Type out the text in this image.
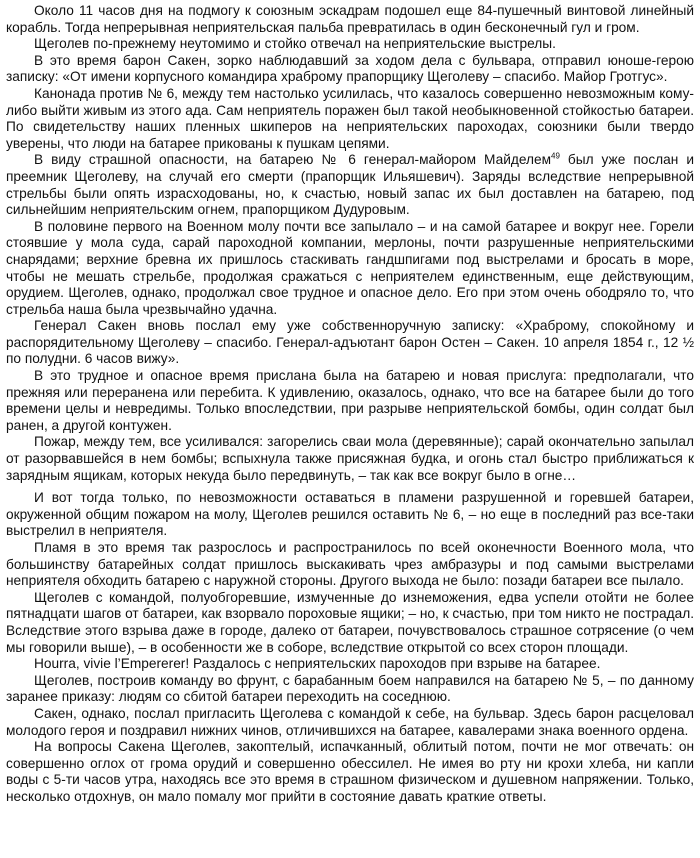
Около 11 часов дня на подмогу к союзным эскадрам подошел еще 84-пушечный винтовой линейный корабль. Тогда непрерывная неприятельская пальба превратилась в один бесконечный гул и гром.

Щеголев по-прежнему неутомимо и стойко отвечал на неприятельские выстрелы.

В это время барон Сакен, зорко наблюдавший за ходом дела с бульвара, отправил юноше-герою записку: «От имени корпусного командира храброму прапорщику Щеголеву – спасибо. Майор Гротгус».

Канонада против № 6, между тем настолько усилилась, что казалось совершенно невозможным кому-либо выйти живым из этого ада. Сам неприятель поражен был такой необыкновенной стойкостью батареи. По свидетельству наших пленных шкиперов на неприятельских пароходах, союзники были твердо уверены, что люди на батарее прикованы к пушкам цепями.

В виду страшной опасности, на батарею № 6 генерал-майором Майделем$^{49}$ был уже послан и преемник Щеголеву, на случай его смерти (прапорщик Ильяшевич). Заряды вследствие непрерывной стрельбы были опять израсходованы, но, к счастью, новый запас их был доставлен на батарею, под сильнейшим неприятельским огнем, прапорщиком Дудуровым.

В половине первого на Военном молу почти все запылало – и на самой батарее и вокруг нее. Горели стоявшие у мола суда, сарай пароходной компании, мерлоны, почти разрушенные неприятельскими снарядами; верхние бревна их пришлось стаскивать гандшпигами под выстрелами и бросать в море, чтобы не мешать стрельбе, продолжая сражаться с неприятелем единственным, еще действующим, орудием. Щеголев, однако, продолжал свое трудное и опасное дело. Его при этом очень ободряло то, что стрельба наша была чрезвычайно удачна.

Генерал Сакен вновь послал ему уже собственноручную записку: «Храброму, спокойному и распорядительному Щеголеву – спасибо. Генерал-адъютант барон Остен – Сакен. 10 апреля 1854 г., 12 ½ по полудни. 6 часов вижу».

В это трудное и опасное время прислана была на батарею и новая прислуга: предполагали, что прежняя или переранена или перебита. К удивлению, оказалось, однако, что все на батарее были до того времени целы и невредимы. Только впоследствии, при разрыве неприятельской бомбы, один солдат был ранен, а другой контужен.

Пожар, между тем, все усиливался: загорелись сваи мола (деревянные); сарай окончательно запылал от разорвавшейся в нем бомбы; вспыхнула также присяжная будка, и огонь стал быстро приближаться к зарядным ящикам, которых некуда было передвинуть, – так как все вокруг было в огне…

И вот тогда только, по невозможности оставаться в пламени разрушенной и горевшей батареи, окруженной общим пожаром на молу, Щеголев решился оставить № 6, – но еще в последний раз все-таки выстрелил в неприятеля.

Пламя в это время так разрослось и распространилось по всей оконечности Военного мола, что большинству батарейных солдат пришлось выскакивать чрез амбразуры и под самыми выстрелами неприятеля обходить батарею с наружной стороны. Другого выхода не было: позади батареи все пылало.

Щеголев с командой, полуобгоревшие, измученные до изнеможения, едва успели отойти не более пятнадцати шагов от батареи, как взорвало пороховые ящики; – но, к счастью, при том никто не пострадал. Вследствие этого взрыва даже в городе, далеко от батареи, почувствовалось страшное сотрясение (о чем мы говорили выше), – в особенности же в соборе, вследствие открытой со всех сторон площади.

Hourra, vivie l’Empererer! Раздалось с неприятельских пароходов при взрыве на батарее.

Щеголев, построив команду во фрунт, с барабанным боем направился на батарею № 5, – по данному заранее приказу: людям со сбитой батареи переходить на соседнюю.

Сакен, однако, послал пригласить Щеголева с командой к себе, на бульвар. Здесь барон расцеловал молодого героя и поздравил нижних чинов, отличившихся на батарее, кавалерами знака военного ордена.

На вопросы Сакена Щеголев, закоптелый, испачканный, облитый потом, почти не мог отвечать: он совершенно оглох от грома орудий и совершенно обессилел. Не имея во рту ни крохи хлеба, ни капли воды с 5-ти часов утра, находясь все это время в страшном физическом и душевном напряжении. Только, несколько отдохнув, он мало помалу мог прийти в состояние давать краткие ответы.
